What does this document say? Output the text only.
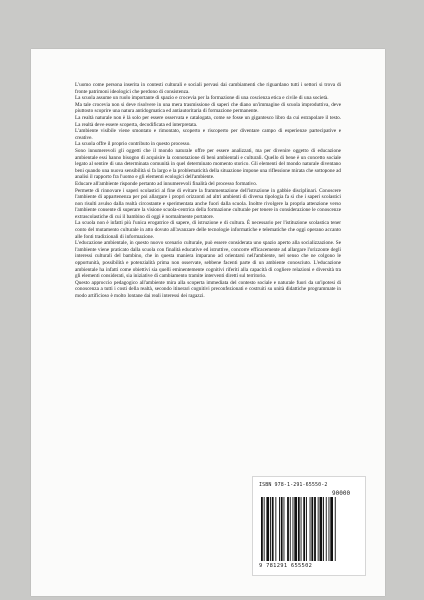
L'uomo come persona inserita in contesti culturali e sociali pervasi dai cambiamenti che riguardano tutti i settori si trova di fronte patrimoni ideologici che perdono di consistenza.

La scuola assume un ruolo importante di spazio e crocevia per la formazione di una coscienza etica e civile di una società.

Ma tale crocevia non si deve risolvere in una mera trasmissione di saperi che diano un'immagine di scuola improduttiva, deve piuttosto scoprire una natura antidogmatica ed antiautoritaria di formazione permanente.

La realtà naturale non è là solo per essere osservata e catalogata, come se fosse un gigantesco libro da cui estrapolare il testo. La realtà deve essere scoperta, decodificata ed interpretata.

L'ambiente visibile viene smontato e rimontato, scoperto e riscoperto per diventare campo di esperienze partecipative e creative.

La scuola offre il proprio contributo in questo processo.

Sono innumerevoli gli oggetti che il mondo naturale offre per essere analizzati, ma per divenire oggetto di educazione ambientale essi hanno bisogno di acquisire la connotazione di beni ambientali e culturali. Quello di bene è un concetto sociale legato al sentire di una determinata comunità in quel determinato momento storico. Gli elementi del mondo naturale diventano beni quando una nuova sensibilità si fa largo e la problematicità della situazione impone una riflessione mirata che sottopone ad analisi il rapporto fra l'uomo e gli elementi ecologici dell'ambiente.

Educare all'ambiente risponde pertanto ad innumerevoli finalità del processo formativo.

Permette di rinnovare i saperi scolastici al fine di evitare la frammentazione dell'istruzione in gabbie disciplinari. Conoscere l'ambiente di appartenenza per poi allargare i propri orizzonti ad altri ambienti di diversa tipologia fa sì che i saperi scolastici non risulti avulso dalla realtà circostante e sperimentata anche fuori dalla scuola. Inoltre rivolgere la propria attenzione verso l'ambiente consente di superare la visione scuola-centrica della formazione culturale per tenere in considerazione le conoscenze extrascolastiche di cui il bambino di oggi è normalmente portatore.

La scuola non è infatti più l'unica erogatrice di sapere, di istruzione e di cultura. È necessario per l'istituzione scolastica tener conto del mutamento culturale in atto dovuto all'avanzare delle tecnologie informatiche e telematiche che oggi operano accanto alle fonti tradizionali di informazione.

L'educazione ambientale, in questo nuovo scenario culturale, può essere considerata uno spazio aperto alla socializzazione. Se l'ambiente viene praticato dalla scuola con finalità educative ed istruttive, concorre efficacemente ad allargare l'orizzonte degli interessi culturali del bambino, che in questa maniera imparano ad orientarsi nell'ambiente, nel senso che ne colgono le opportunità, possibilità e potenzialità prima non osservate, sebbene facenti parte di un ambiente conosciuto. L'educazione ambientale ha infatti come obiettivi sia quelli eminentemente cognitivi riferiti alla capacità di cogliere relazioni e diversità tra gli elementi considerati, sia iniziative di cambiamento tramite interventi diretti sul territorio.

Questo approccio pedagogico all'ambiente mira alla scoperta immediata del contesto sociale e naturale fuori da un'ipotesi di conoscenza a tutti i costi della realtà, secondo itinerari cognitivi preconfezionati e costruiti su unità didattiche programmate in modo artificioso è molto lontane dai reali interessi dei ragazzi.

ISBN 978-1-291-65550-2
90000
9 781291 655502
